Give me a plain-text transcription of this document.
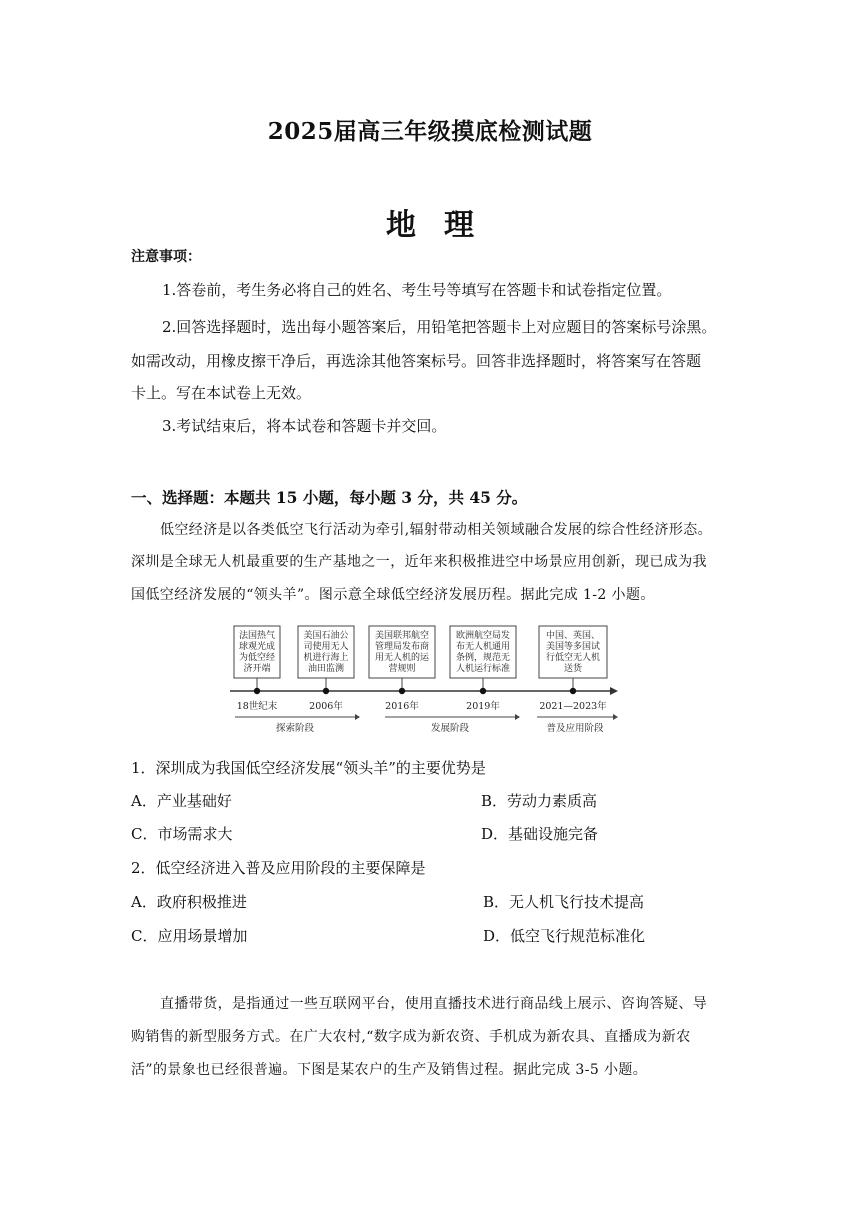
2025届高三年级摸底检测试题
地理
注意事项：
1.答卷前，考生务必将自己的姓名、考生号等填写在答题卡和试卷指定位置。
2.回答选择题时，选出每小题答案后，用铅笔把答题卡上对应题目的答案标号涂黑。
如需改动，用橡皮擦干净后，再选涂其他答案标号。回答非选择题时，将答案写在答题
卡上。写在本试卷上无效。
3.考试结束后，将本试卷和答题卡并交回。
一、选择题：本题共 15 小题，每小题 3 分，共 45 分。
低空经济是以各类低空飞行活动为牵引,辐射带动相关领域融合发展的综合性经济形态。
深圳是全球无人机最重要的生产基地之一，近年来积极推进空中场景应用创新，现已成为我
国低空经济发展的“领头羊”。图示意全球低空经济发展历程。据此完成 1-2 小题。
法国热气
球观光成
为低空经
济开端
美国石油公
司使用无人
机进行海上
油田监测
美国联邦航空
管理局发布商
用无人机的运
营规则
欧洲航空局发
布无人机通用
条例，规范无
人机运行标准
中国、英国、
美国等多国试
行低空无人机
送货
18世纪末	2006年	2016年	2019年	2021—2023年
探索阶段	发展阶段	普及应用阶段
1．深圳成为我国低空经济发展“领头羊”的主要优势是
A．产业基础好	B．劳动力素质高
C．市场需求大	D．基础设施完备
2．低空经济进入普及应用阶段的主要保障是
A．政府积极推进	B．无人机飞行技术提高
C．应用场景增加	D．低空飞行规范标准化
直播带货，是指通过一些互联网平台，使用直播技术进行商品线上展示、咨询答疑、导
购销售的新型服务方式。在广大农村,“数字成为新农资、手机成为新农具、直播成为新农
活”的景象也已经很普遍。下图是某农户的生产及销售过程。据此完成 3-5 小题。
